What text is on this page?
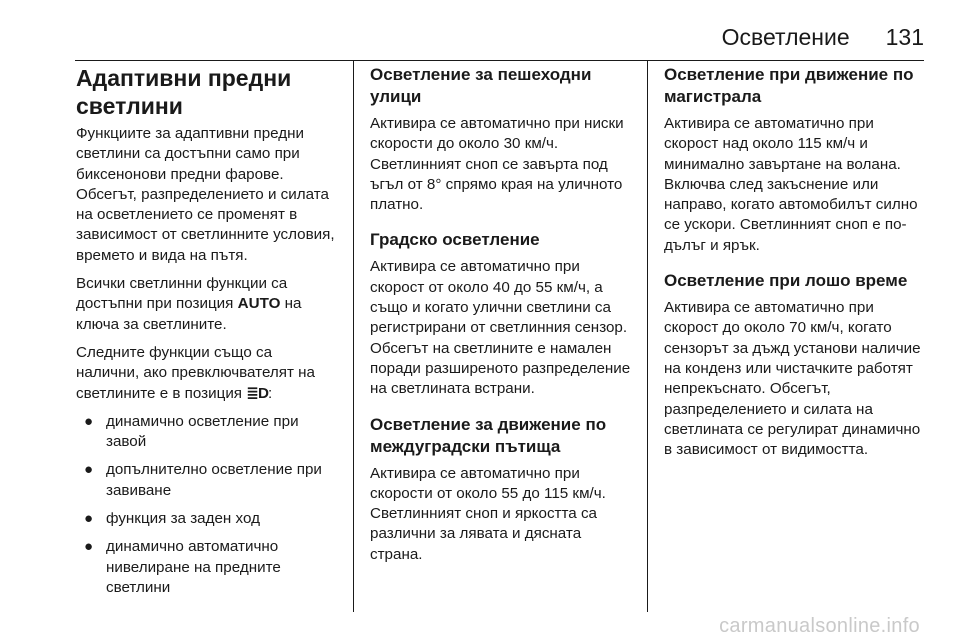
Осветление 131
Адаптивни предни светлини

Функциите за адаптивни предни светлини са достъпни само при биксенонови предни фарове. Обсегът, разпределението и силата на осветлението се променят в зависимост от светлинните условия, времето и вида на пътя.

Всички светлинни функции са достъпни при позиция AUTO на ключа за светлините.

Следните функции също са налични, ако превключвателят на светлините е в позиция ≣D:

● динамично осветление при завой
● допълнително осветление при завиване
● функция за заден ход
● динамично автоматично нивелиране на предните светлини
Осветление за пешеходни улици

Активира се автоматично при ниски скорости до около 30 км/ч. Светлинният сноп се завърта под ъгъл от 8° спрямо края на уличното платно.

Градско осветление

Активира се автоматично при скорост от около 40 до 55 км/ч, а също и когато улични светлини са регистрирани от светлинния сензор. Обсегът на светлините е намален поради разширеното разпределение на светлината встрани.

Осветление за движение по междуградски пътища

Активира се автоматично при скорости от около 55 до 115 км/ч. Светлинният сноп и яркостта са различни за лявата и дясната страна.

Осветление при движение по магистрала

Активира се автоматично при скорост над около 115 км/ч и минимално завъртане на волана. Включва след закъснение или направо, когато автомобилът силно се ускори. Светлинният сноп е по-дълъг и ярък.

Осветление при лошо време

Активира се автоматично при скорост до около 70 км/ч, когато сензорът за дъжд установи наличие на конденз или чистачките работят непрекъснато. Обсегът, разпределението и силата на светлината се регулират динамично в зависимост от видимостта.

carmanualsonline.info
